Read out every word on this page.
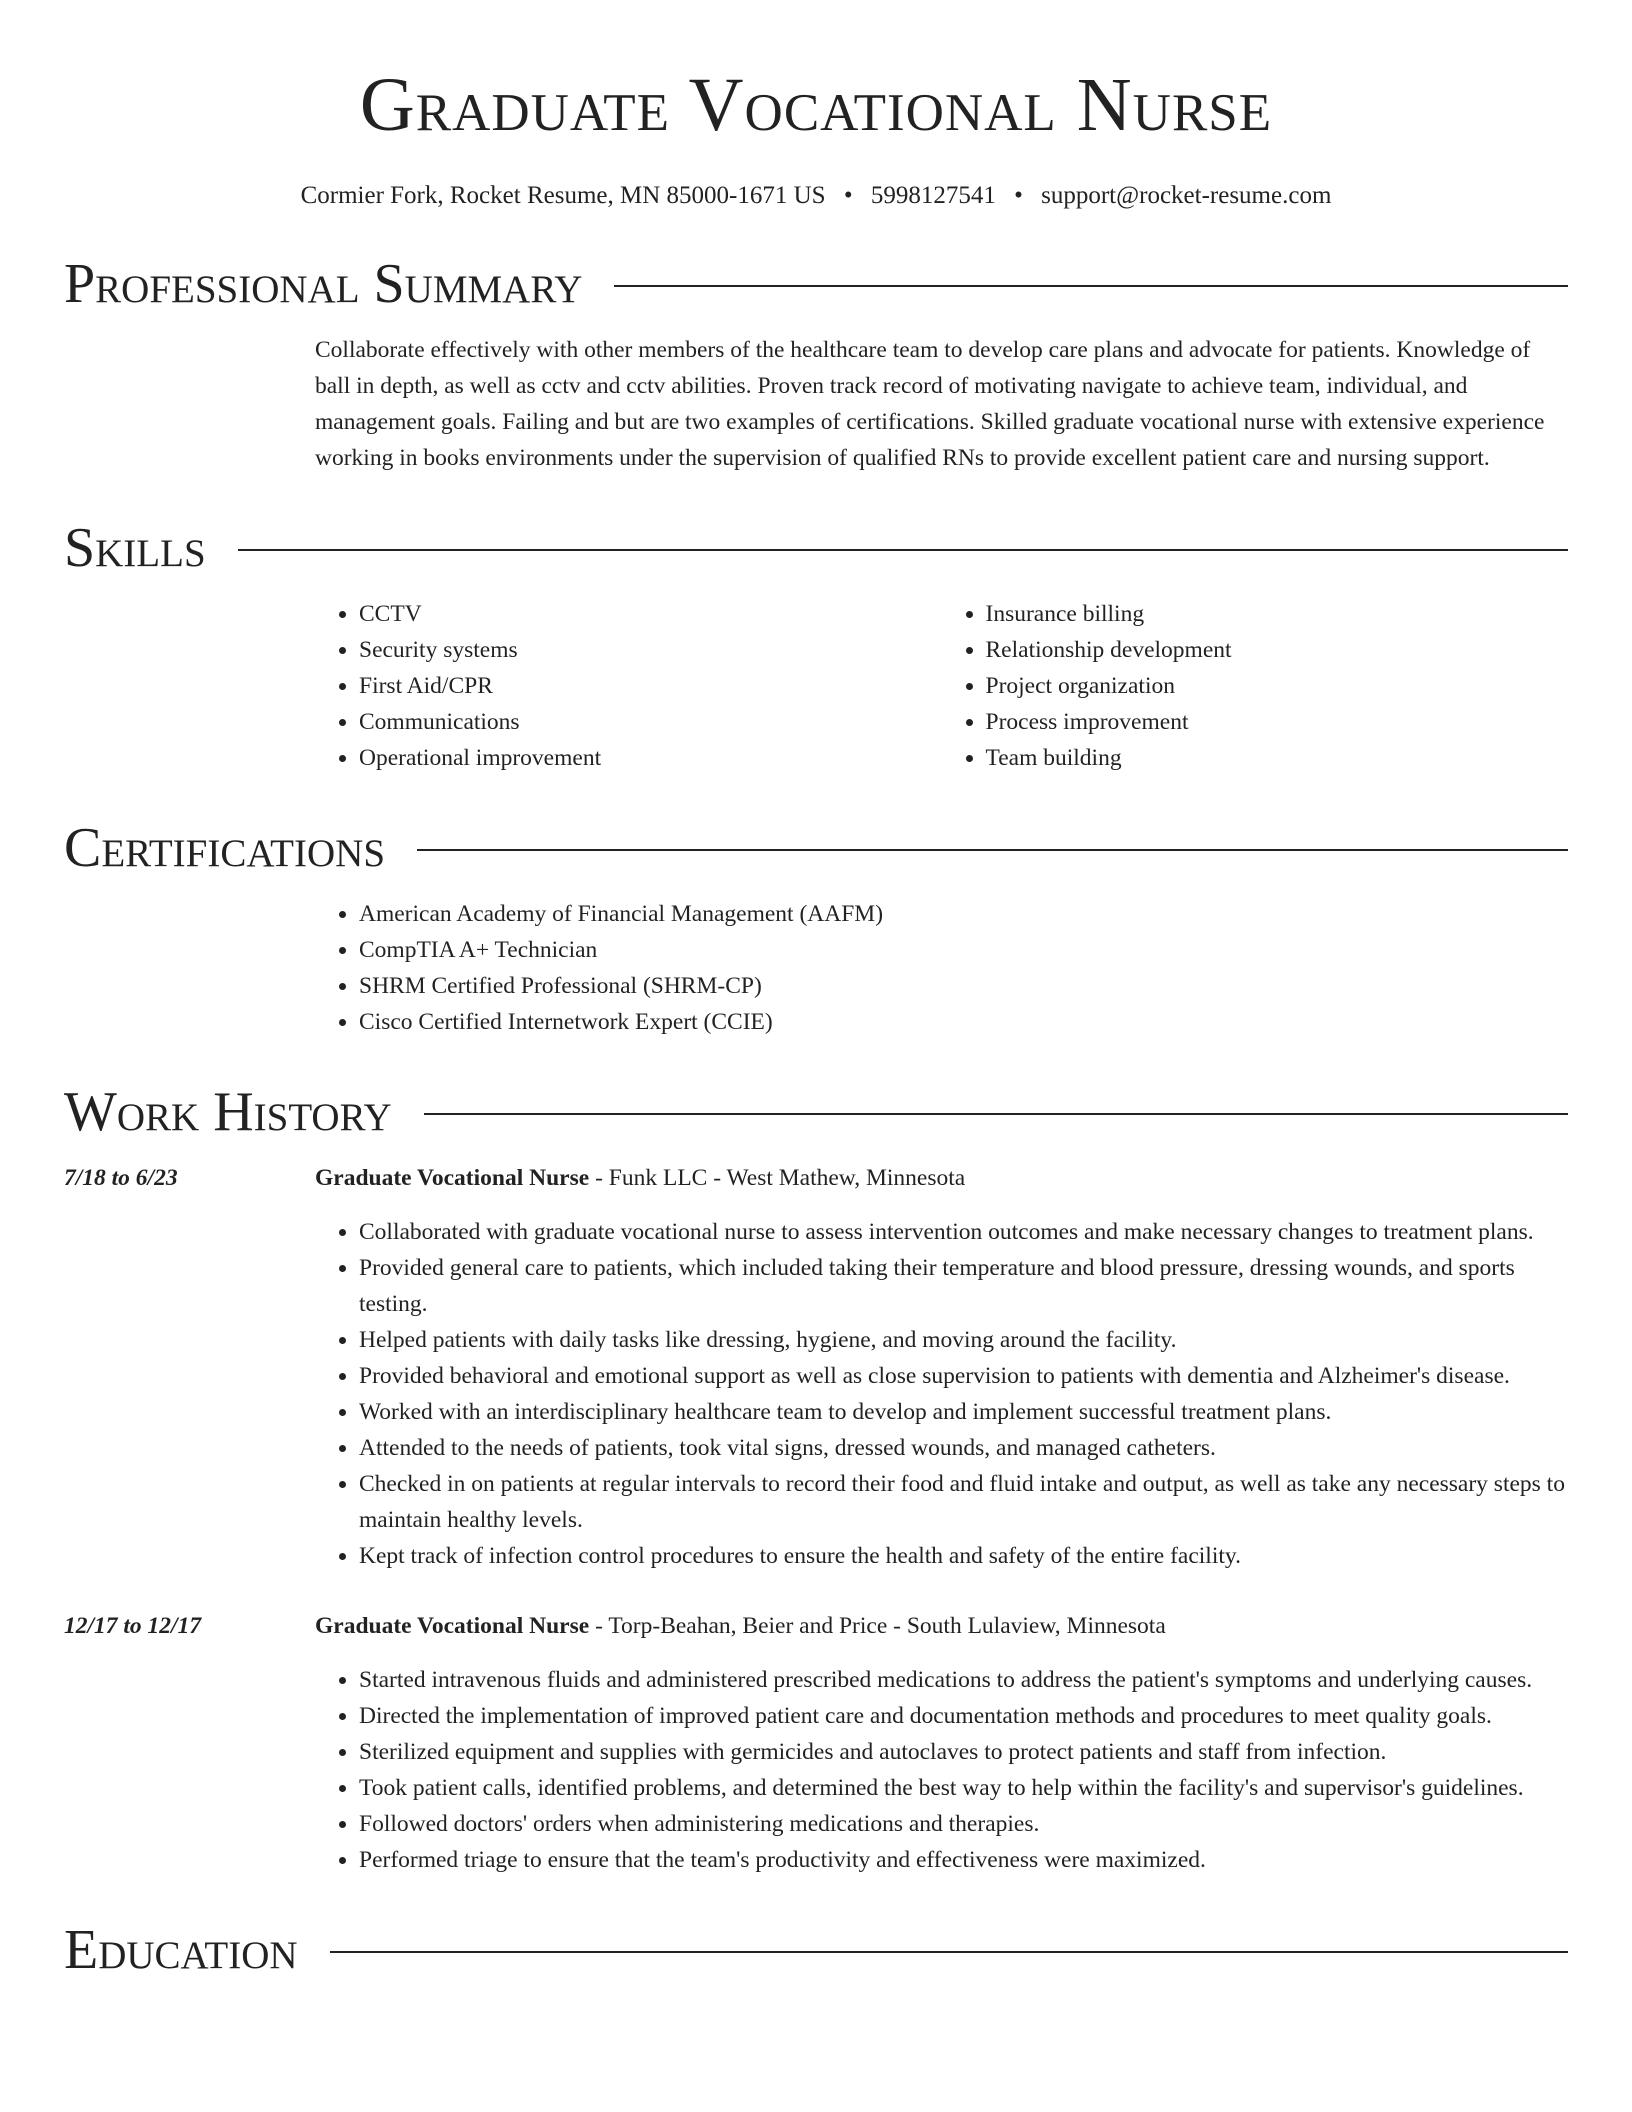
Graduate Vocational Nurse
Cormier Fork, Rocket Resume, MN 85000-1671 US • 5998127541 • support@rocket-resume.com
Professional Summary

Collaborate effectively with other members of the healthcare team to develop care plans and advocate for patients. Knowledge of ball in depth, as well as cctv and cctv abilities. Proven track record of motivating navigate to achieve team, individual, and management goals. Failing and but are two examples of certifications. Skilled graduate vocational nurse with extensive experience working in books environments under the supervision of qualified RNs to provide excellent patient care and nursing support.

Skills
• CCTV
• Security systems
• First Aid/CPR
• Communications
• Operational improvement
• Insurance billing
• Relationship development
• Project organization
• Process improvement
• Team building
Certifications
• American Academy of Financial Management (AAFM)
• CompTIA A+ Technician
• SHRM Certified Professional (SHRM-CP)
• Cisco Certified Internetwork Expert (CCIE)
Work History
7/18 to 6/23	Graduate Vocational Nurse - Funk LLC - West Mathew, Minnesota
• Collaborated with graduate vocational nurse to assess intervention outcomes and make necessary changes to treatment plans.
• Provided general care to patients, which included taking their temperature and blood pressure, dressing wounds, and sports testing.
• Helped patients with daily tasks like dressing, hygiene, and moving around the facility.
• Provided behavioral and emotional support as well as close supervision to patients with dementia and Alzheimer's disease.
• Worked with an interdisciplinary healthcare team to develop and implement successful treatment plans.
• Attended to the needs of patients, took vital signs, dressed wounds, and managed catheters.
• Checked in on patients at regular intervals to record their food and fluid intake and output, as well as take any necessary steps to maintain healthy levels.
• Kept track of infection control procedures to ensure the health and safety of the entire facility.
12/17 to 12/17	Graduate Vocational Nurse - Torp-Beahan, Beier and Price - South Lulaview, Minnesota
• Started intravenous fluids and administered prescribed medications to address the patient's symptoms and underlying causes.
• Directed the implementation of improved patient care and documentation methods and procedures to meet quality goals.
• Sterilized equipment and supplies with germicides and autoclaves to protect patients and staff from infection.
• Took patient calls, identified problems, and determined the best way to help within the facility's and supervisor's guidelines.
• Followed doctors' orders when administering medications and therapies.
• Performed triage to ensure that the team's productivity and effectiveness were maximized.
Education
